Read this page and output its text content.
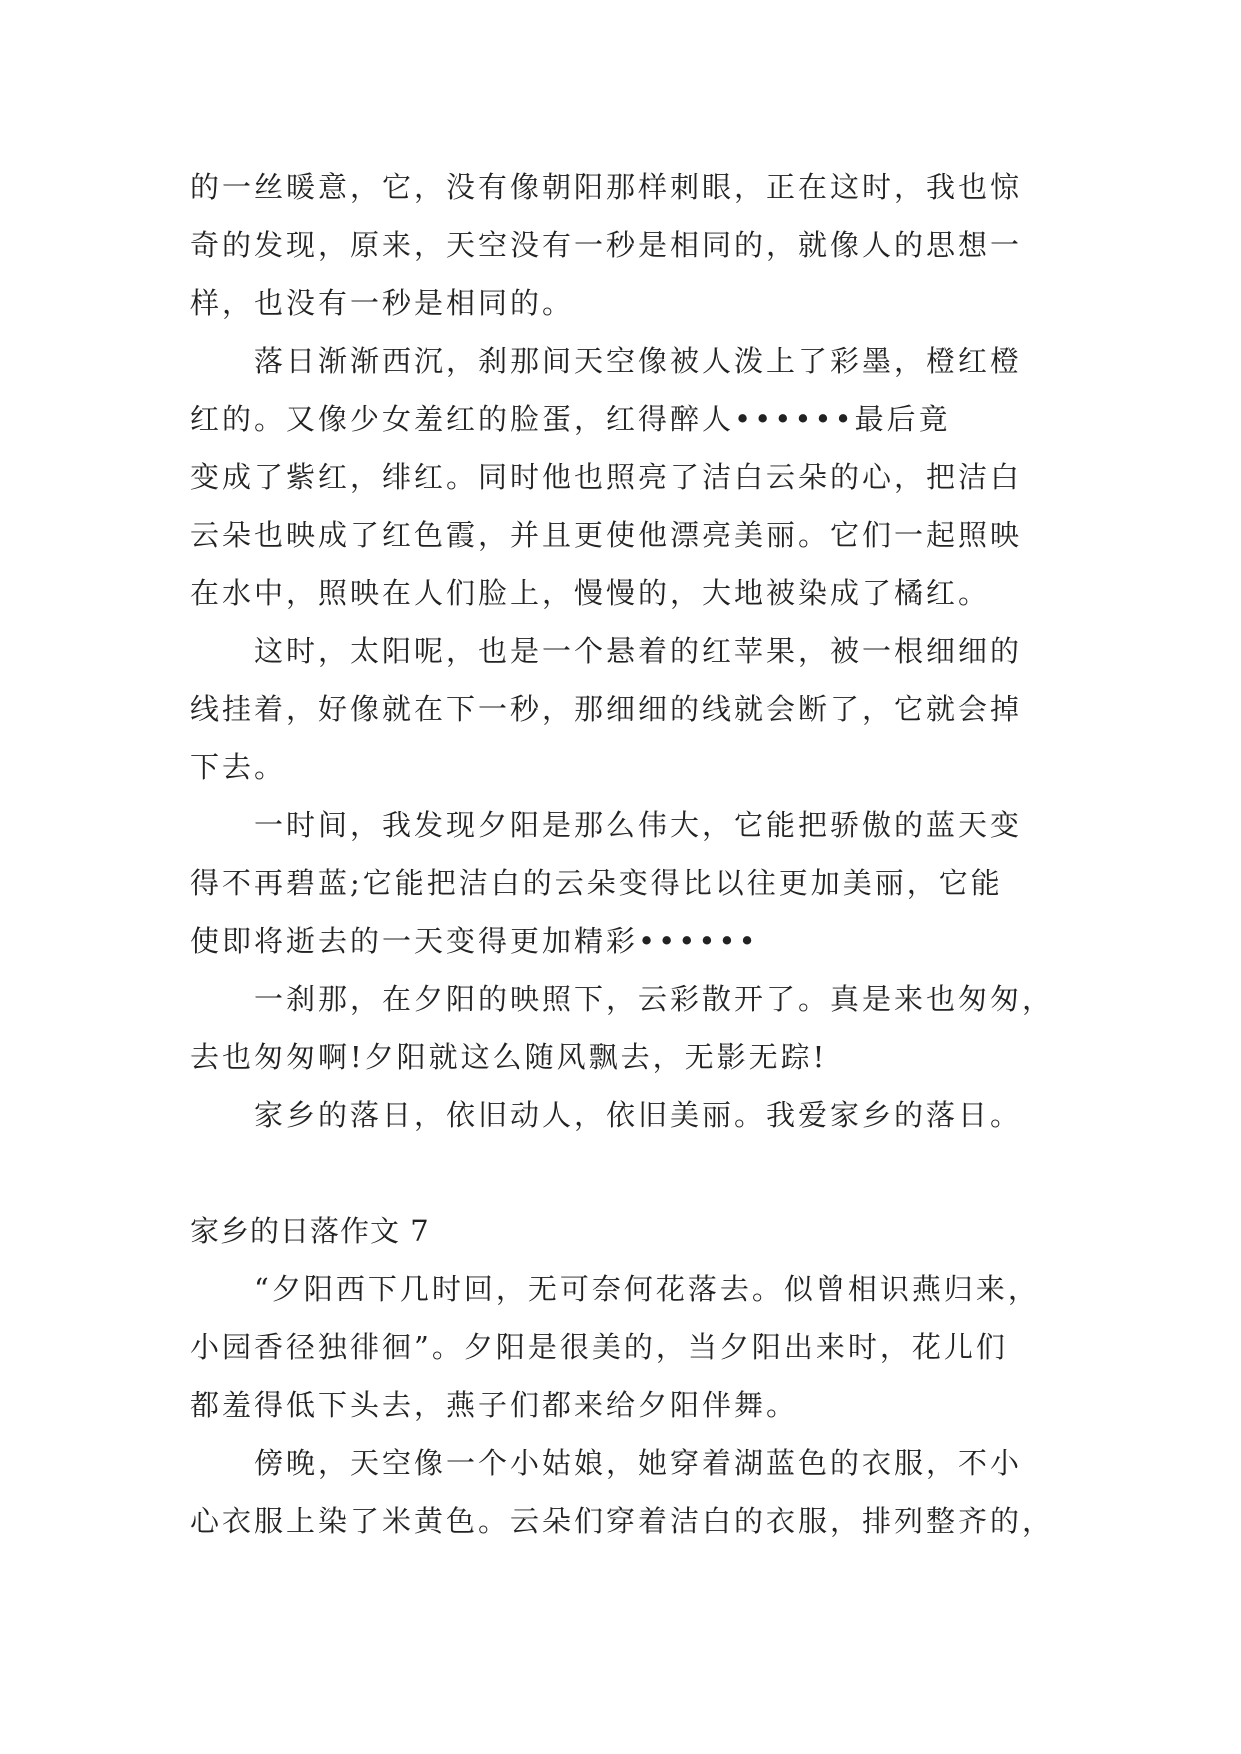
的一丝暖意，它，没有像朝阳那样刺眼，正在这时，我也惊
奇的发现，原来，天空没有一秒是相同的，就像人的思想一
样，也没有一秒是相同的。
　　落日渐渐西沉，刹那间天空像被人泼上了彩墨，橙红橙
红的。又像少女羞红的脸蛋，红得醉人••••••最后竟
变成了紫红，绯红。同时他也照亮了洁白云朵的心，把洁白
云朵也映成了红色霞，并且更使他漂亮美丽。它们一起照映
在水中，照映在人们脸上，慢慢的，大地被染成了橘红。
　　这时，太阳呢，也是一个悬着的红苹果，被一根细细的
线挂着，好像就在下一秒，那细细的线就会断了，它就会掉
下去。
　　一时间，我发现夕阳是那么伟大，它能把骄傲的蓝天变
得不再碧蓝;它能把洁白的云朵变得比以往更加美丽，它能
使即将逝去的一天变得更加精彩••••••
　　一刹那，在夕阳的映照下，云彩散开了。真是来也匆匆，
去也匆匆啊!夕阳就这么随风飘去，无影无踪!
　　家乡的落日，依旧动人，依旧美丽。我爱家乡的落日。
家乡的日落作文 7
　　“夕阳西下几时回，无可奈何花落去。似曾相识燕归来，
小园香径独徘徊”。夕阳是很美的，当夕阳出来时，花儿们
都羞得低下头去，燕子们都来给夕阳伴舞。
　　傍晚，天空像一个小姑娘，她穿着湖蓝色的衣服，不小
心衣服上染了米黄色。云朵们穿着洁白的衣服，排列整齐的，
